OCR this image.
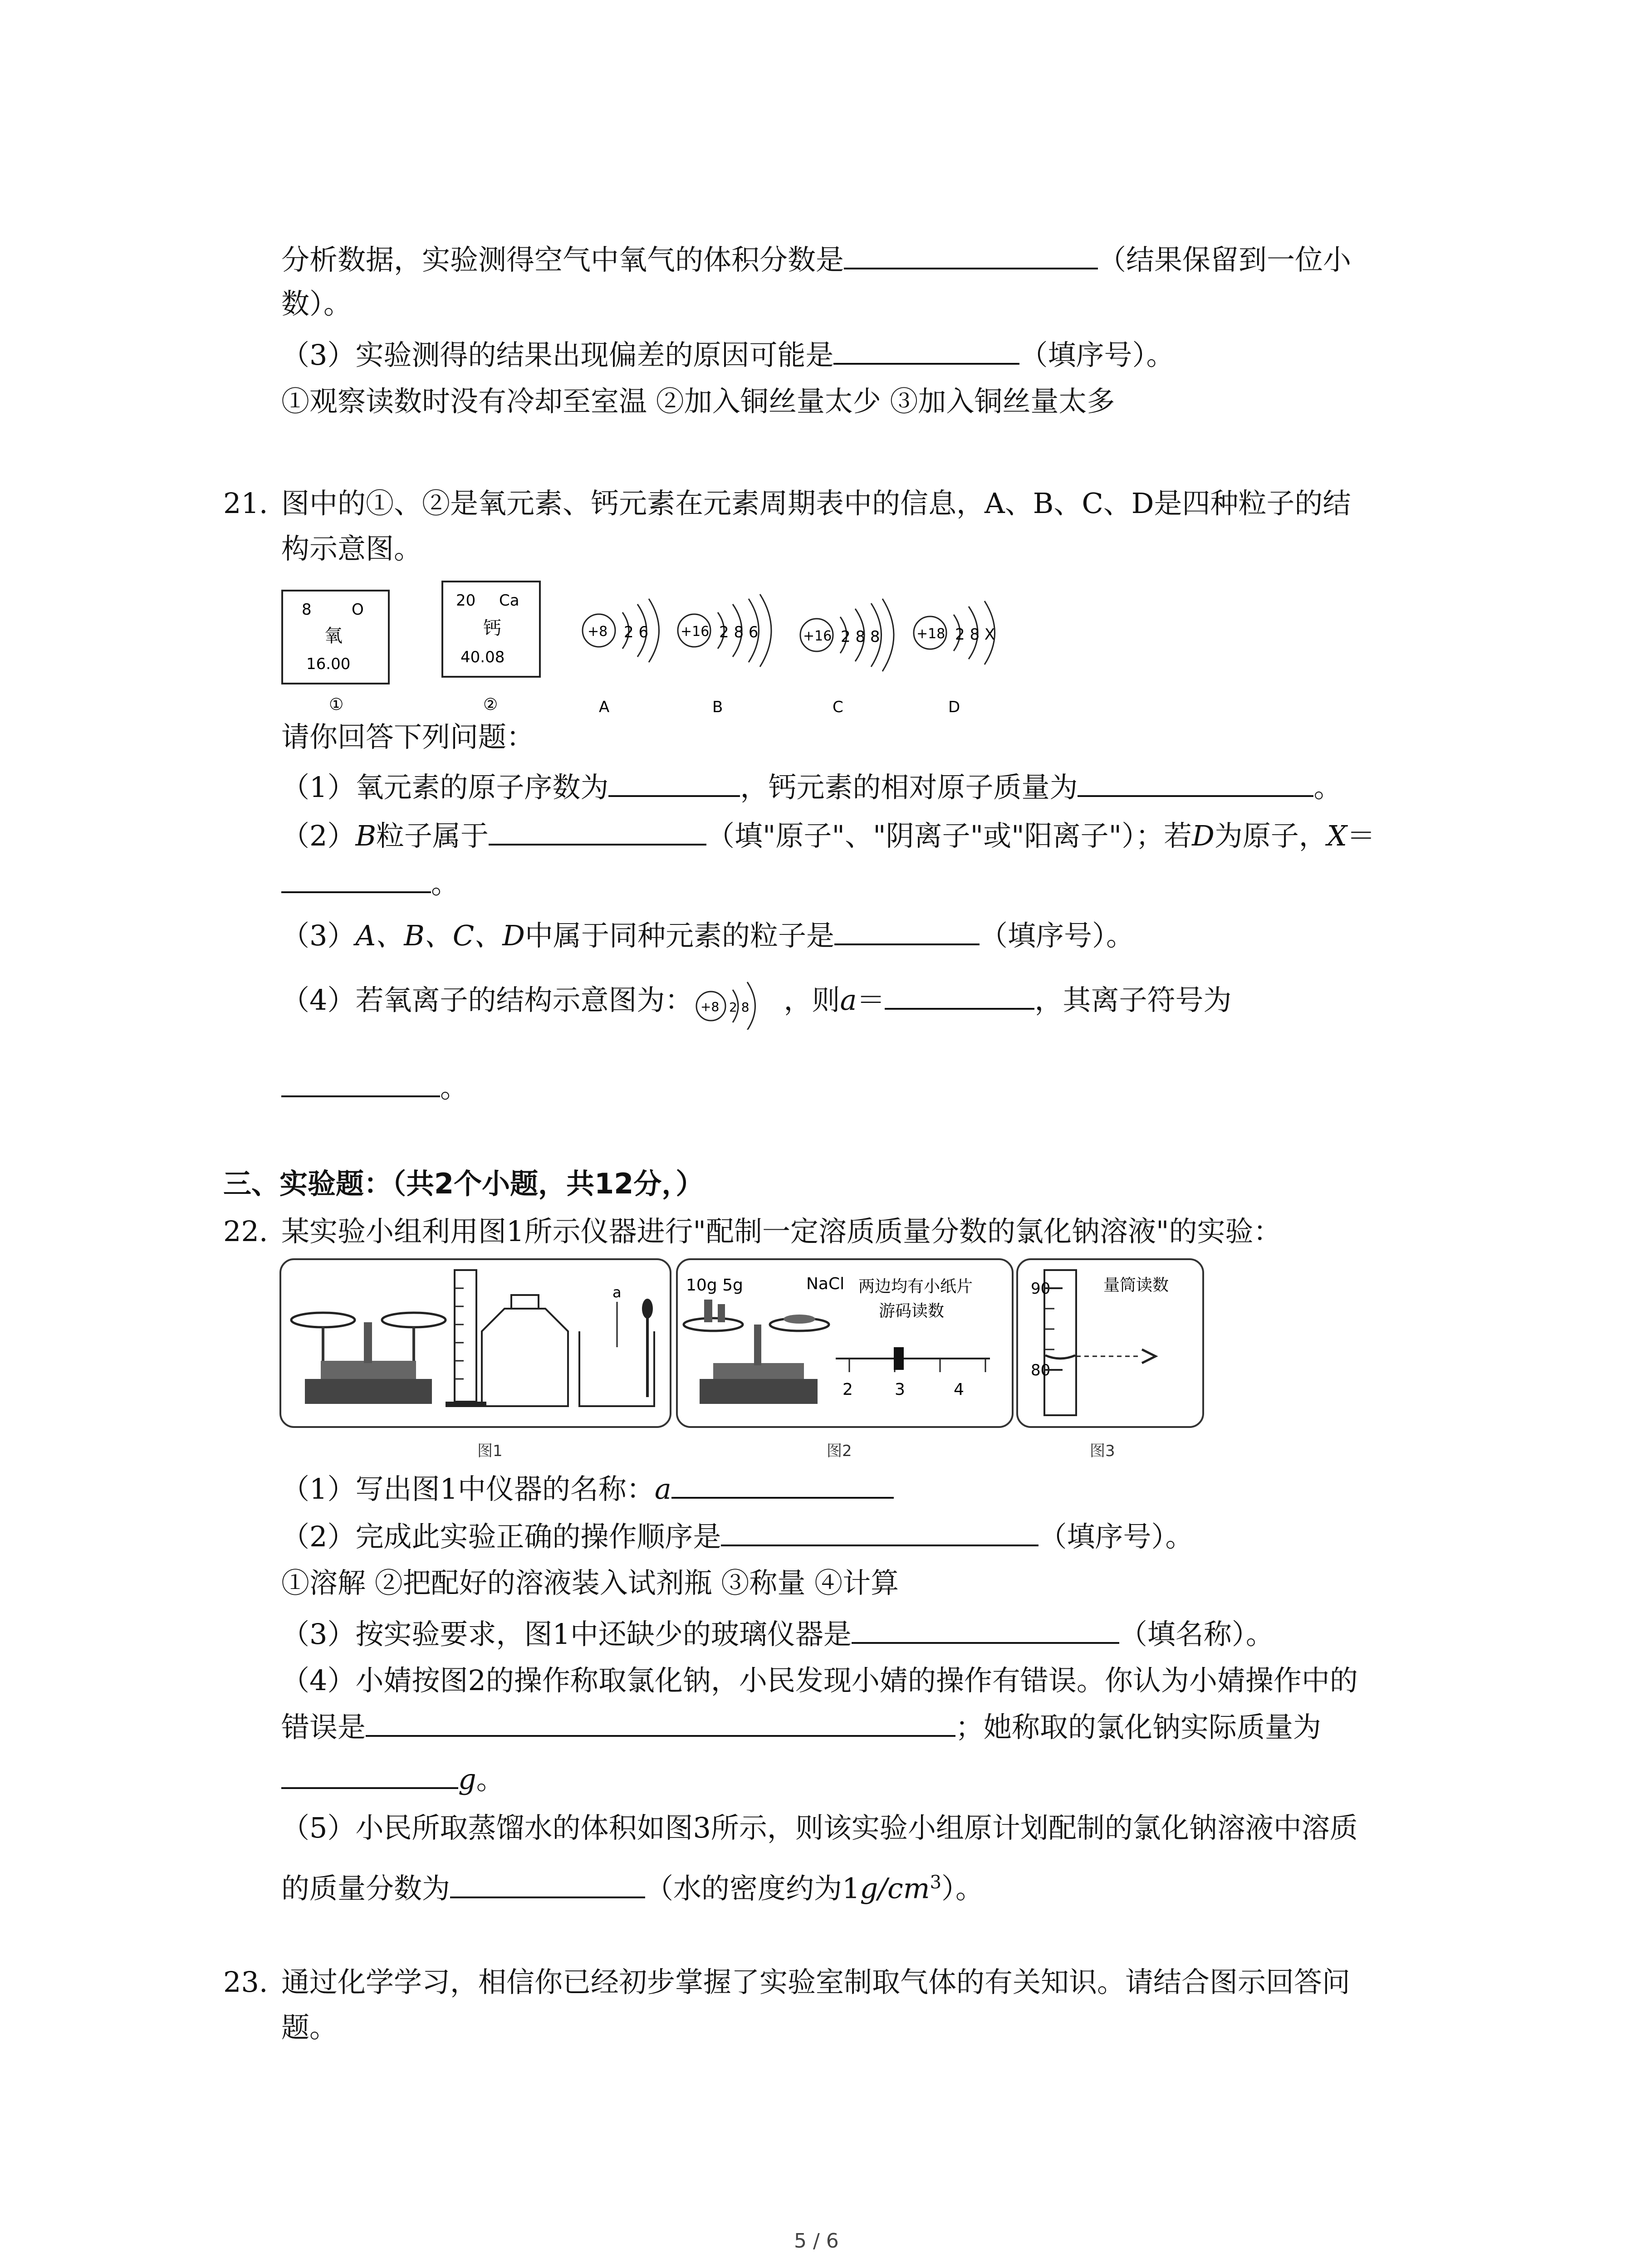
分析数据，实验测得空气中氧气的体积分数是	（结果保留到一位小
数）。
（3）实验测得的结果出现偏差的原因可能是	（填序号）。
①观察读数时没有冷却至室温 ②加入铜丝量太少 ③加入铜丝量太多
21. 图中的①、②是氧元素、钙元素在元素周期表中的信息，A、B、C、D是四种粒子的结
构示意图。
8	O
氧
16.00
①
20 Ca
钙
40.08
②
+8 2 6
A
+16 2 8 6
B
+16 2 8 8
C
+18 2 8 X
D
请你回答下列问题：
（1）氧元素的原子序数为	，钙元素的相对原子质量为	。
（2）B粒子属于	（填"原子"、"阴离子"或"阳离子"）；若D为原子，X＝
。
（3）A、B、C、D中属于同种元素的粒子是	（填序号）。
（4）若氧离子的结构示意图为： +8 2 8 ，则a＝	，其离子符号为
。
三、实验题：（共2个小题，共12分，）
22. 某实验小组利用图1所示仪器进行"配制一定溶质质量分数的氯化钠溶液"的实验：
a	10g 5g	NaCl 两边均有小纸片
游码读数
2	3	4
量筒读数
90
80
图1	图2	图3
（1）写出图1中仪器的名称：a
（2）完成此实验正确的操作顺序是	（填序号）。
①溶解 ②把配好的溶液装入试剂瓶 ③称量 ④计算
（3）按实验要求，图1中还缺少的玻璃仪器是	（填名称）。
（4）小婧按图2的操作称取氯化钠，小民发现小婧的操作有错误。你认为小婧操作中的
错误是	；她称取的氯化钠实际质量为
g。
（5）小民所取蒸馏水的体积如图3所示，则该实验小组原计划配制的氯化钠溶液中溶质
的质量分数为	（水的密度约为$1g/cm^3$）。
23. 通过化学学习，相信你已经初步掌握了实验室制取气体的有关知识。请结合图示回答问
题。
5 / 6
